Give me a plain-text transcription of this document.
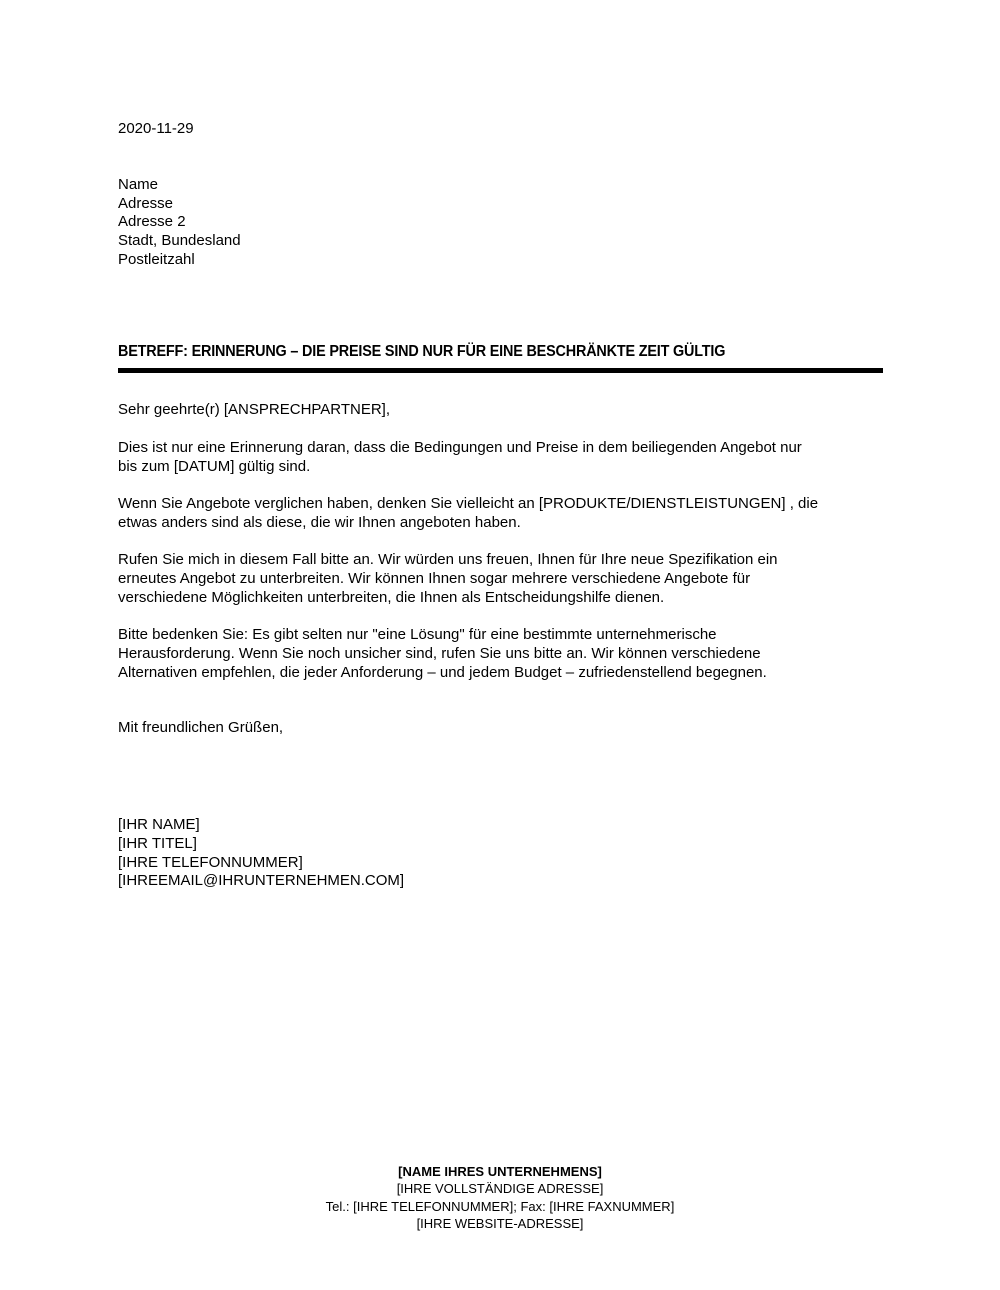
2020-11-29
Name
Adresse
Adresse 2
Stadt, Bundesland
Postleitzahl
BETREFF: ERINNERUNG – DIE PREISE SIND NUR FÜR EINE BESCHRÄNKTE ZEIT GÜLTIG
Sehr geehrte(r) [ANSPRECHPARTNER],
Dies ist nur eine Erinnerung daran, dass die Bedingungen und Preise in dem beiliegenden Angebot nur
bis zum [DATUM] gültig sind.
Wenn Sie Angebote verglichen haben, denken Sie vielleicht an [PRODUKTE/DIENSTLEISTUNGEN] , die
etwas anders sind als diese, die wir Ihnen angeboten haben.
Rufen Sie mich in diesem Fall bitte an. Wir würden uns freuen, Ihnen für Ihre neue Spezifikation ein
erneutes Angebot zu unterbreiten. Wir können Ihnen sogar mehrere verschiedene Angebote für
verschiedene Möglichkeiten unterbreiten, die Ihnen als Entscheidungshilfe dienen.
Bitte bedenken Sie: Es gibt selten nur "eine Lösung" für eine bestimmte unternehmerische
Herausforderung. Wenn Sie noch unsicher sind, rufen Sie uns bitte an. Wir können verschiedene
Alternativen empfehlen, die jeder Anforderung – und jedem Budget – zufriedenstellend begegnen.
Mit freundlichen Grüßen,
[IHR NAME]
[IHR TITEL]
[IHRE TELEFONNUMMER]
[IHREEMAIL@IHRUNTERNEHMEN.COM]
[NAME IHRES UNTERNEHMENS]
[IHRE VOLLSTÄNDIGE ADRESSE]
Tel.: [IHRE TELEFONNUMMER]; Fax: [IHRE FAXNUMMER]
[IHRE WEBSITE-ADRESSE]
